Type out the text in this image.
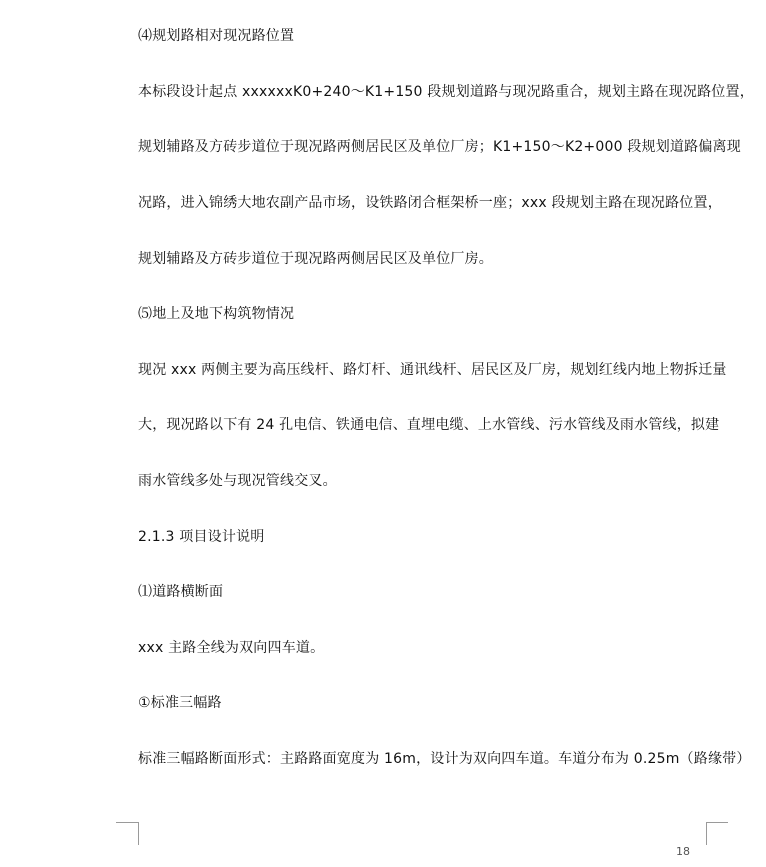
⑷规划路相对现况路位置
本标段设计起点 xxxxxxK0+240～K1+150 段规划道路与现况路重合，规划主路在现况路位置，
规划辅路及方砖步道位于现况路两侧居民区及单位厂房；K1+150～K2+000 段规划道路偏离现
况路，进入锦绣大地农副产品市场，设铁路闭合框架桥一座；xxx 段规划主路在现况路位置，
规划辅路及方砖步道位于现况路两侧居民区及单位厂房。
⑸地上及地下构筑物情况
现况 xxx 两侧主要为高压线杆、路灯杆、通讯线杆、居民区及厂房，规划红线内地上物拆迁量
大，现况路以下有 24 孔电信、铁通电信、直埋电缆、上水管线、污水管线及雨水管线，拟建
雨水管线多处与现况管线交叉。
2.1.3 项目设计说明
⑴道路横断面
xxx 主路全线为双向四车道。
①标准三幅路
标准三幅路断面形式：主路路面宽度为 16m，设计为双向四车道。车道分布为 0.25m（路缘带）
18
